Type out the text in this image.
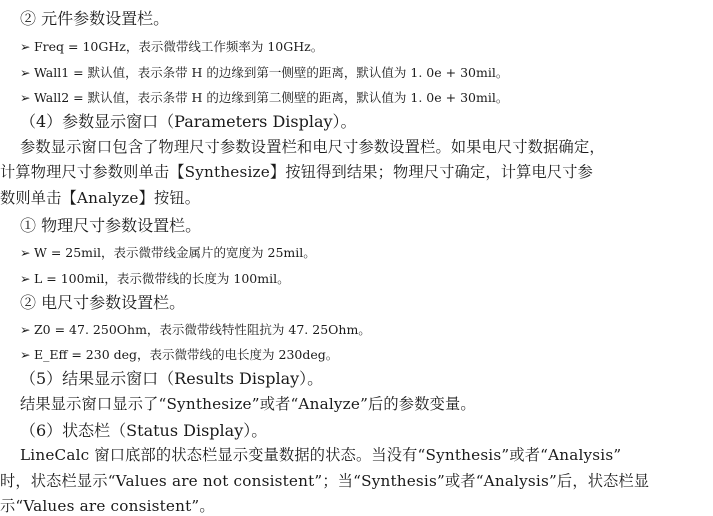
② 元件参数设置栏。
➢ Freq = 10GHz，表示微带线工作频率为 10GHz。
➢ Wall1 = 默认值，表示条带 H 的边缘到第一侧壁的距离，默认值为 1. 0e + 30mil。
➢ Wall2 = 默认值，表示条带 H 的边缘到第二侧壁的距离，默认值为 1. 0e + 30mil。
（4）参数显示窗口（Parameters Display）。
参数显示窗口包含了物理尺寸参数设置栏和电尺寸参数设置栏。如果电尺寸数据确定，
计算物理尺寸参数则单击【Synthesize】按钮得到结果；物理尺寸确定，计算电尺寸参
数则单击【Analyze】按钮。
① 物理尺寸参数设置栏。
➢ W = 25mil，表示微带线金属片的宽度为 25mil。
➢ L = 100mil，表示微带线的长度为 100mil。
② 电尺寸参数设置栏。
➢ Z0 = 47. 250Ohm，表示微带线特性阻抗为 47. 25Ohm。
➢ E_Eff = 230 deg，表示微带线的电长度为 230deg。
（5）结果显示窗口（Results Display）。
结果显示窗口显示了“Synthesize”或者“Analyze”后的参数变量。
（6）状态栏（Status Display）。
LineCalc 窗口底部的状态栏显示变量数据的状态。当没有“Synthesis”或者“Analysis”
时，状态栏显示“Values are not consistent”；当“Synthesis”或者“Analysis”后，状态栏显
示“Values are consistent”。
